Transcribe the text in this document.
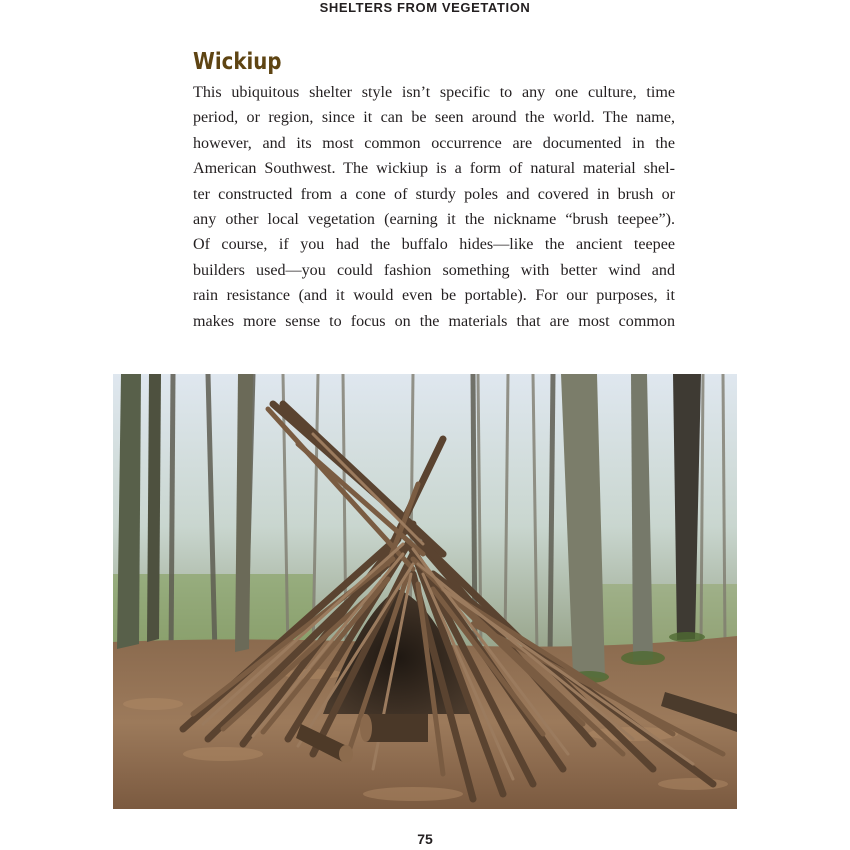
SHELTERS FROM VEGETATION
Wickiup

This ubiquitous shelter style isn’t specific to any one culture, time
period, or region, since it can be seen around the world. The name,
however, and its most common occurrence are documented in the
American Southwest. The wickiup is a form of natural material shel-
ter constructed from a cone of sturdy poles and covered in brush or
any other local vegetation (earning it the nickname “brush teepee”).
Of course, if you had the buffalo hides—like the ancient teepee
builders used—you could fashion something with better wind and
rain resistance (and it would even be portable). For our purposes, it
makes more sense to focus on the materials that are most common

75
